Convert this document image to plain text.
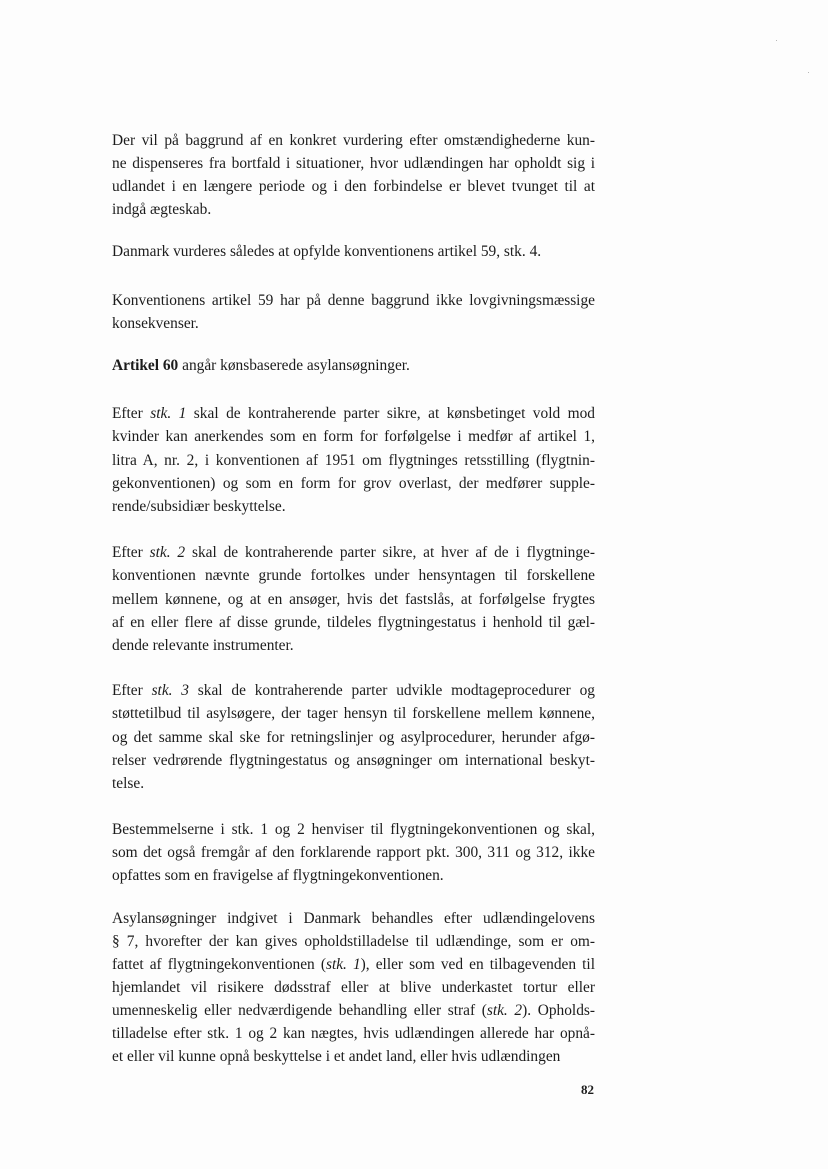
Der vil på baggrund af en konkret vurdering efter omstændighederne kun-
ne dispenseres fra bortfald i situationer, hvor udlændingen har opholdt sig i
udlandet i en længere periode og i den forbindelse er blevet tvunget til at
indgå ægteskab.
Danmark vurderes således at opfylde konventionens artikel 59, stk. 4.
Konventionens artikel 59 har på denne baggrund ikke lovgivningsmæssige
konsekvenser.
Artikel 60 angår kønsbaserede asylansøgninger.
Efter stk. 1 skal de kontraherende parter sikre, at kønsbetinget vold mod
kvinder kan anerkendes som en form for forfølgelse i medfør af artikel 1,
litra A, nr. 2, i konventionen af 1951 om flygtninges retsstilling (flygtnin-
gekonventionen) og som en form for grov overlast, der medfører supple-
rende/subsidiær beskyttelse.
Efter stk. 2 skal de kontraherende parter sikre, at hver af de i flygtninge-
konventionen nævnte grunde fortolkes under hensyntagen til forskellene
mellem kønnene, og at en ansøger, hvis det fastslås, at forfølgelse frygtes
af en eller flere af disse grunde, tildeles flygtningestatus i henhold til gæl-
dende relevante instrumenter.
Efter stk. 3 skal de kontraherende parter udvikle modtageprocedurer og
støttetilbud til asylsøgere, der tager hensyn til forskellene mellem kønnene,
og det samme skal ske for retningslinjer og asylprocedurer, herunder afgø-
relser vedrørende flygtningestatus og ansøgninger om international beskyt-
telse.
Bestemmelserne i stk. 1 og 2 henviser til flygtningekonventionen og skal,
som det også fremgår af den forklarende rapport pkt. 300, 311 og 312, ikke
opfattes som en fravigelse af flygtningekonventionen.
Asylansøgninger indgivet i Danmark behandles efter udlændingelovens
§ 7, hvorefter der kan gives opholdstilladelse til udlændinge, som er om-
fattet af flygtningekonventionen (stk. 1), eller som ved en tilbagevenden til
hjemlandet vil risikere dødsstraf eller at blive underkastet tortur eller
umenneskelig eller nedværdigende behandling eller straf (stk. 2). Opholds-
tilladelse efter stk. 1 og 2 kan nægtes, hvis udlændingen allerede har opnå-
et eller vil kunne opnå beskyttelse i et andet land, eller hvis udlændingen
82
